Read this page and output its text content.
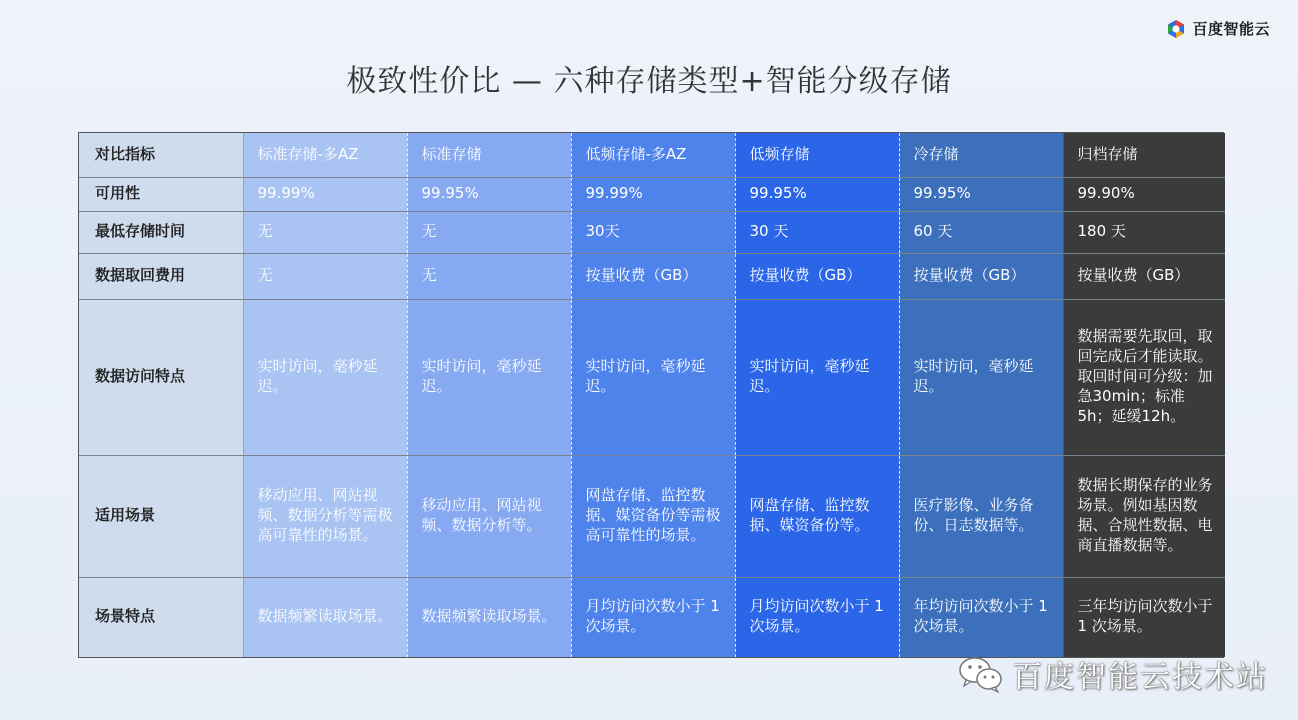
百度智能云
极致性价比 — 六种存储类型+智能分级存储
对比指标	标准存储-多AZ	标准存储	低频存储-多AZ	低频存储	冷存储	归档存储
可用性	99.99%	99.95%	99.99%	99.95%	99.95%	99.90%
最低存储时间	无	无	30天	30 天	60 天	180 天
数据取回费用	无	无	按量收费（GB）	按量收费（GB）	按量收费（GB）	按量收费（GB）
数据访问特点	实时访问，毫秒延迟。	实时访问，毫秒延迟。	实时访问，毫秒延迟。	实时访问，毫秒延迟。	实时访问，毫秒延迟。	数据需要先取回，取回完成后才能读取。取回时间可分级：加急30min；标准5h；延缓12h。
适用场景	移动应用、网站视频、数据分析等需极高可靠性的场景。	移动应用、网站视频、数据分析等。	网盘存储、监控数据、媒资备份等需极高可靠性的场景。	网盘存储、监控数据、媒资备份等。	医疗影像、业务备份、日志数据等。	数据长期保存的业务场景。例如基因数据、合规性数据、电商直播数据等。
场景特点	数据频繁读取场景。	数据频繁读取场景。	月均访问次数小于 1 次场景。	月均访问次数小于 1 次场景。	年均访问次数小于 1 次场景。	三年均访问次数小于 1 次场景。
百度智能云技术站
